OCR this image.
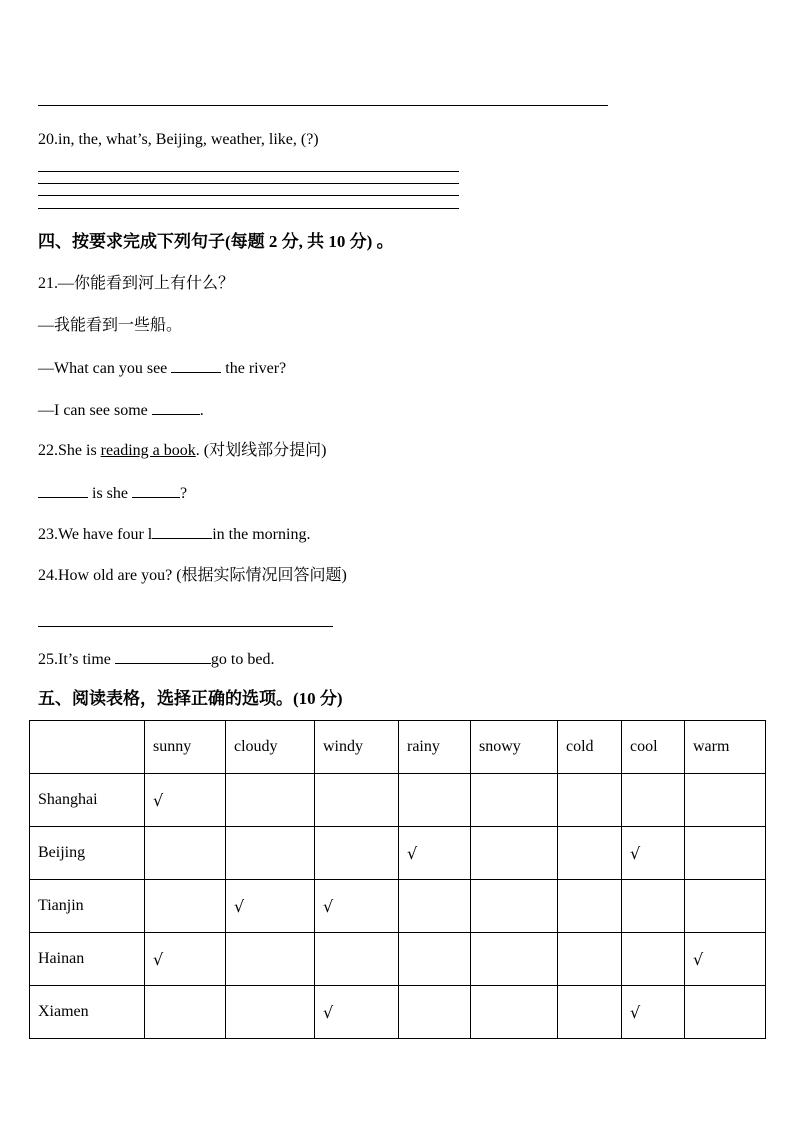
20.in, the, what’s, Beijing, weather, like, (?)
四、按要求完成下列句子(每题 2 分, 共 10 分) 。
21.—你能看到河上有什么？
—我能看到一些船。
—What can you see	the river?
—I can see some	.
22.She is reading a book. (对划线部分提问)
is she	?
23.We have four l	in the morning.
24.How old are you? (根据实际情况回答问题)
25.It’s time	go to bed.
五、阅读表格，选择正确的选项。(10 分)
	sunny	cloudy	windy	rainy	snowy	cold	cool	warm
Shanghai	√							
Beijing				√			√	
Tianjin		√	√					
Hainan	√							√
Xiamen			√				√	
